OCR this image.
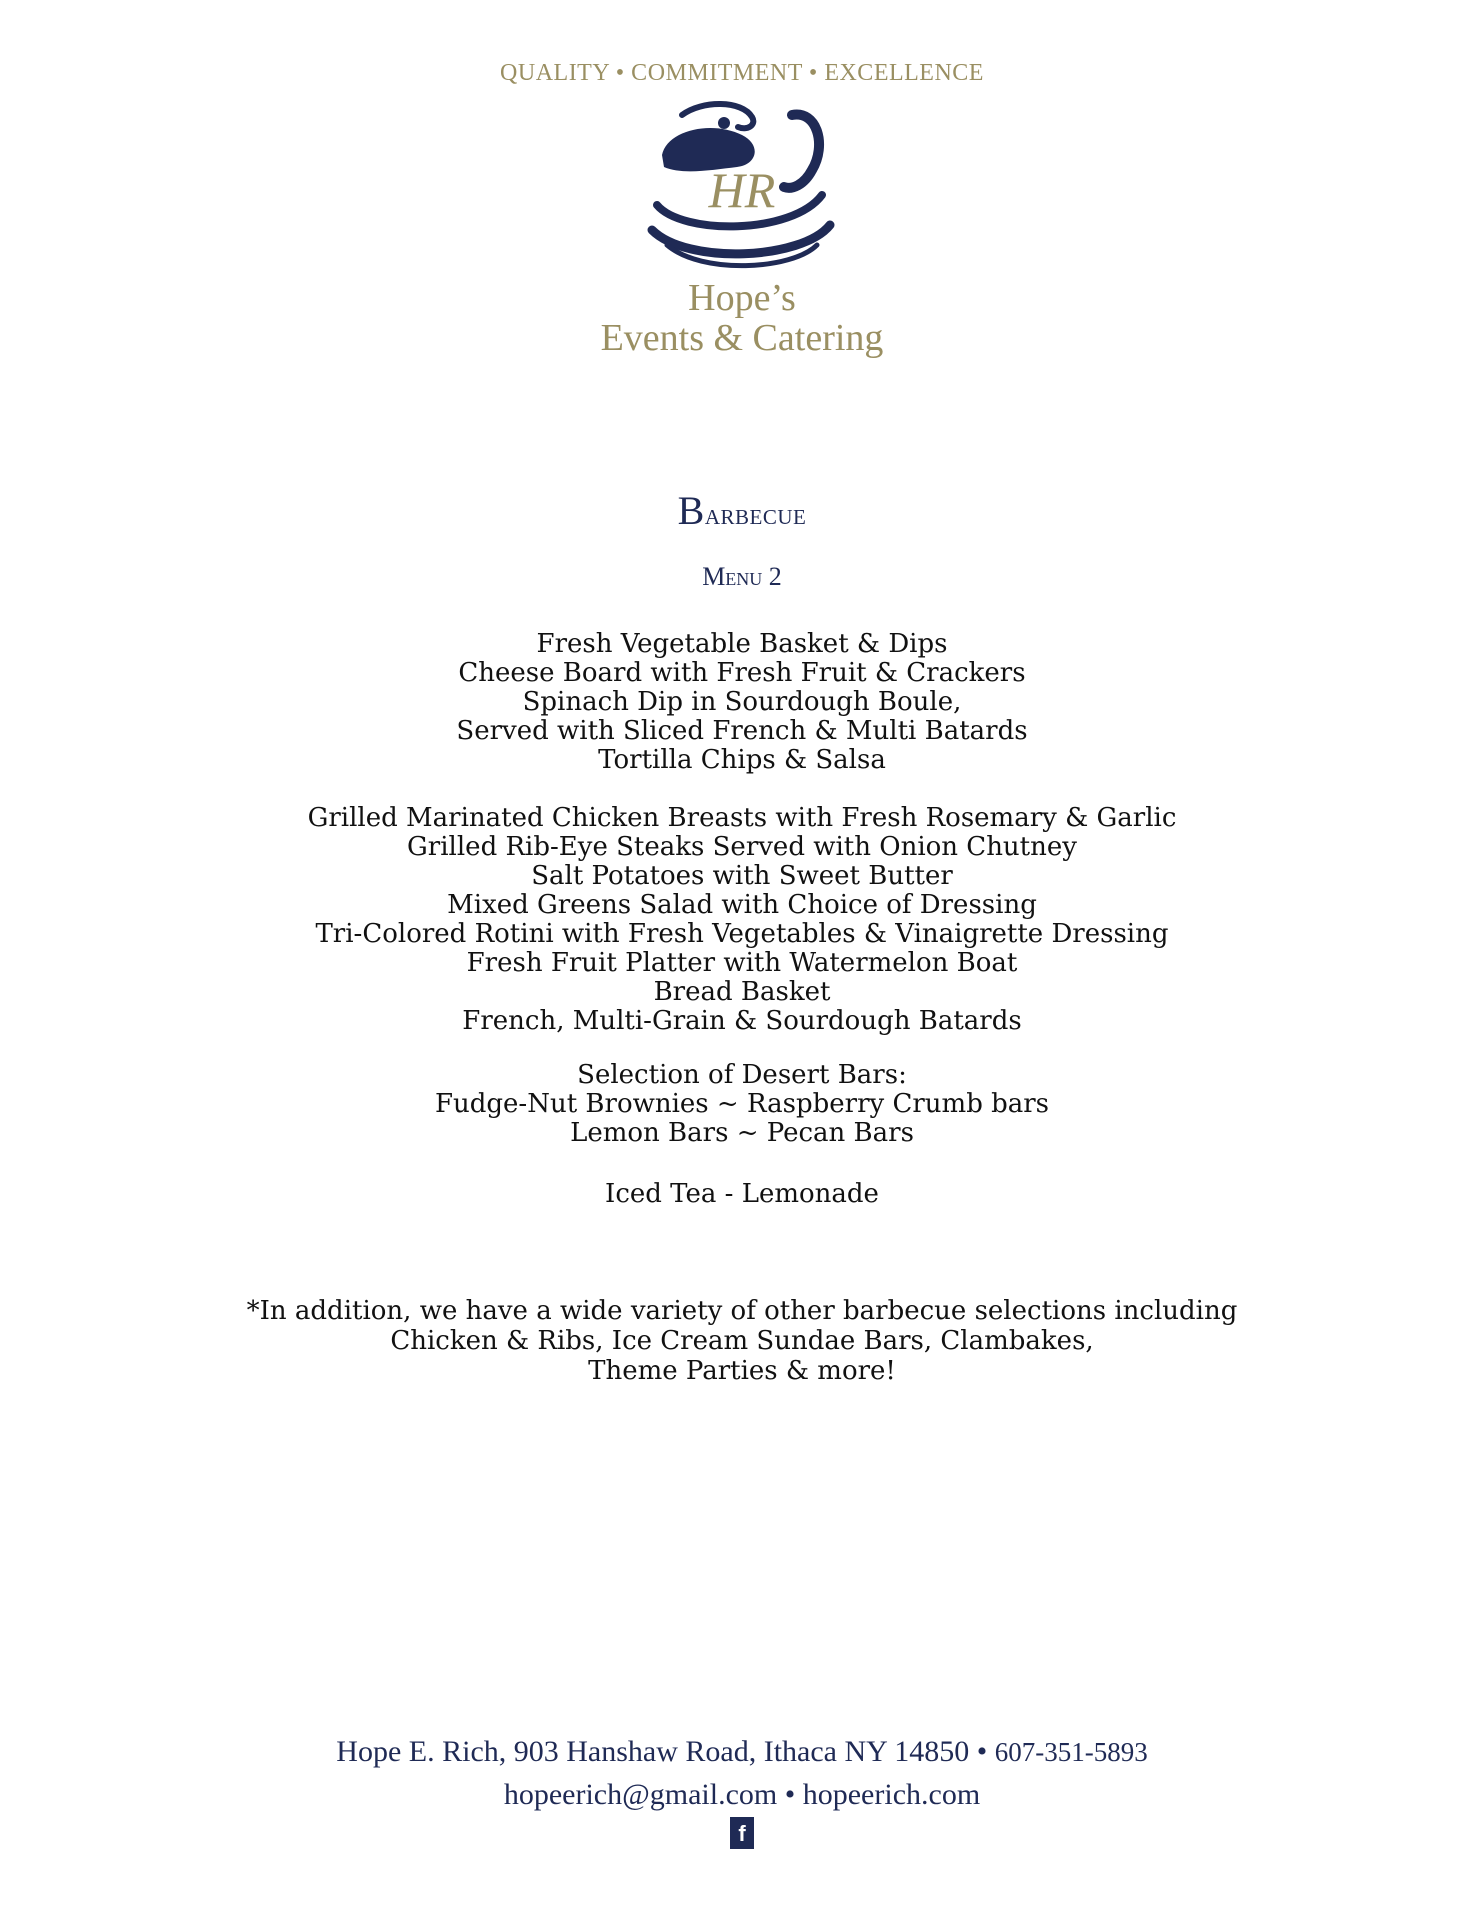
QUALITY • COMMITMENT • EXCELLENCE
HR
Hope’s
Events & Catering
Barbecue
Menu 2
Fresh Vegetable Basket & Dips
Cheese Board with Fresh Fruit & Crackers
Spinach Dip in Sourdough Boule,
Served with Sliced French & Multi Batards
Tortilla Chips & Salsa
Grilled Marinated Chicken Breasts with Fresh Rosemary & Garlic
Grilled Rib-Eye Steaks Served with Onion Chutney
Salt Potatoes with Sweet Butter
Mixed Greens Salad with Choice of Dressing
Tri-Colored Rotini with Fresh Vegetables & Vinaigrette Dressing
Fresh Fruit Platter with Watermelon Boat
Bread Basket
French, Multi-Grain & Sourdough Batards
Selection of Desert Bars:
Fudge-Nut Brownies ~ Raspberry Crumb bars
Lemon Bars ~ Pecan Bars
Iced Tea - Lemonade
*In addition, we have a wide variety of other barbecue selections including
Chicken & Ribs, Ice Cream Sundae Bars, Clambakes,
Theme Parties & more!
Hope E. Rich, 903 Hanshaw Road, Ithaca NY 14850 • 607-351-5893
hopeerich@gmail.com • hopeerich.com
f
